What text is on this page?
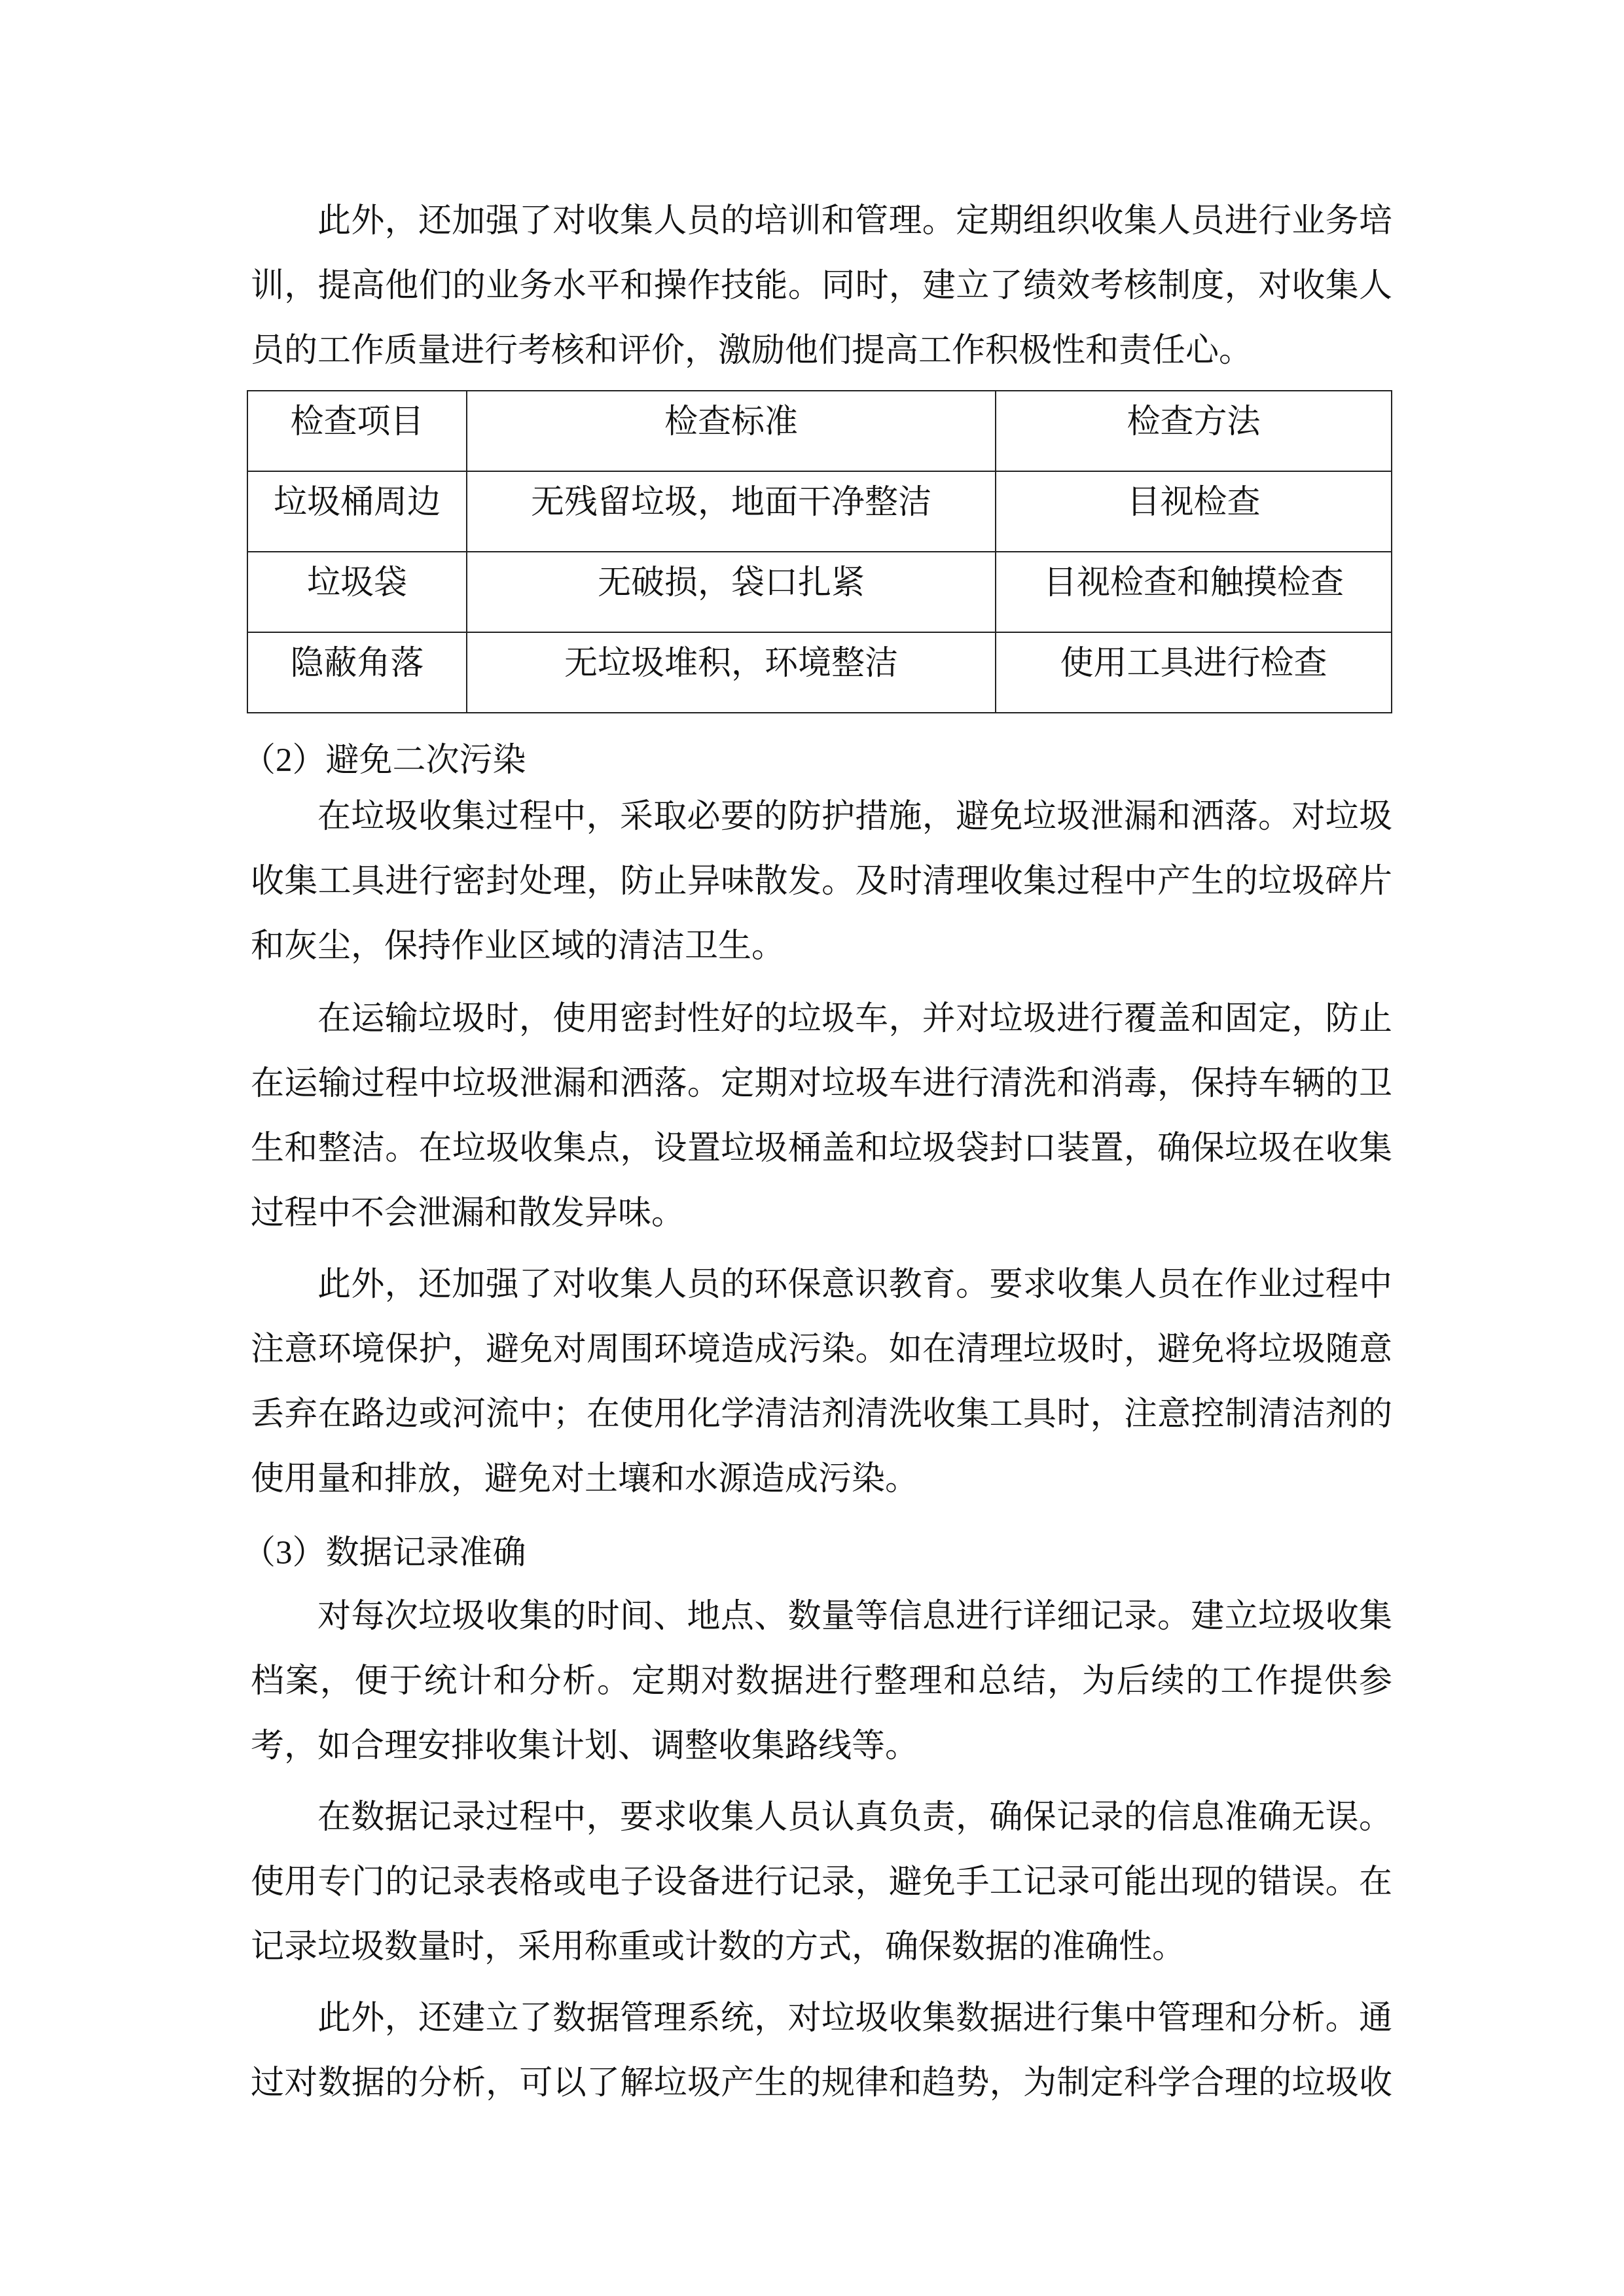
此外，还加强了对收集人员的培训和管理。定期组织收集人员进行业务培
训，提高他们的业务水平和操作技能。同时，建立了绩效考核制度，对收集人
员的工作质量进行考核和评价，激励他们提高工作积极性和责任心。
检查项目	检查标准	检查方法
垃圾桶周边	无残留垃圾，地面干净整洁	目视检查
垃圾袋	无破损，袋口扎紧	目视检查和触摸检查
隐蔽角落	无垃圾堆积，环境整洁	使用工具进行检查
（2）避免二次污染
在垃圾收集过程中，采取必要的防护措施，避免垃圾泄漏和洒落。对垃圾
收集工具进行密封处理，防止异味散发。及时清理收集过程中产生的垃圾碎片
和灰尘，保持作业区域的清洁卫生。
在运输垃圾时，使用密封性好的垃圾车，并对垃圾进行覆盖和固定，防止
在运输过程中垃圾泄漏和洒落。定期对垃圾车进行清洗和消毒，保持车辆的卫
生和整洁。在垃圾收集点，设置垃圾桶盖和垃圾袋封口装置，确保垃圾在收集
过程中不会泄漏和散发异味。
此外，还加强了对收集人员的环保意识教育。要求收集人员在作业过程中
注意环境保护，避免对周围环境造成污染。如在清理垃圾时，避免将垃圾随意
丢弃在路边或河流中；在使用化学清洁剂清洗收集工具时，注意控制清洁剂的
使用量和排放，避免对土壤和水源造成污染。
（3）数据记录准确
对每次垃圾收集的时间、地点、数量等信息进行详细记录。建立垃圾收集
档案，便于统计和分析。定期对数据进行整理和总结，为后续的工作提供参
考，如合理安排收集计划、调整收集路线等。
在数据记录过程中，要求收集人员认真负责，确保记录的信息准确无误。
使用专门的记录表格或电子设备进行记录，避免手工记录可能出现的错误。在
记录垃圾数量时，采用称重或计数的方式，确保数据的准确性。
此外，还建立了数据管理系统，对垃圾收集数据进行集中管理和分析。通
过对数据的分析，可以了解垃圾产生的规律和趋势，为制定科学合理的垃圾收
